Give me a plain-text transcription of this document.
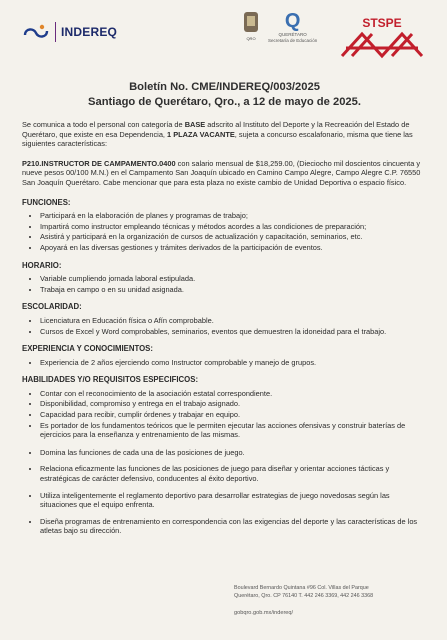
INDEREQ	QRO
Q
QUERÉTARO
Secretaría de Educación
STSPE
Boletín No. CME/INDEREQ/003/2025
Santiago de Querétaro, Qro., a 12 de mayo de 2025.

Se comunica a todo el personal con categoría de BASE adscrito al Instituto del Deporte y la Recreación del Estado de Querétaro, que existe en esa Dependencia, 1 PLAZA VACANTE, sujeta a concurso escalafonario, misma que tiene las siguientes características:

P210.INSTRUCTOR DE CAMPAMENTO.0400 con salario mensual de $18,259.00, (Dieciocho mil doscientos cincuenta y nueve pesos 00/100 M.N.) en el Campamento San Joaquín ubicado en Camino Campo Alegre, Campo Alegre C.P. 76550 San Joaquín Querétaro. Cabe mencionar que para esta plaza no existe cambio de Unidad Deportiva o espacio físico.

FUNCIONES:
• Participará en la elaboración de planes y programas de trabajo;
• Impartirá como instructor empleando técnicas y métodos acordes a las condiciones de preparación;
• Asistirá y participará en la organización de cursos de actualización y capacitación, seminarios, etc.
• Apoyará en las diversas gestiones y trámites derivados de la participación de eventos.
HORARIO:
• Variable cumpliendo jornada laboral estipulada.
• Trabaja en campo o en su unidad asignada.
ESCOLARIDAD:
• Licenciatura en Educación física o Afín comprobable.
• Cursos de Excel y Word comprobables, seminarios, eventos que demuestren la idoneidad para el trabajo.
EXPERIENCIA Y CONOCIMIENTOS:
• Experiencia de 2 años ejerciendo como Instructor comprobable y manejo de grupos.
HABILIDADES Y/O REQUISITOS ESPECIFICOS:
• Contar con el reconocimiento de la asociación estatal correspondiente.
• Disponibilidad, compromiso y entrega en el trabajo asignado.
• Capacidad para recibir, cumplir órdenes y trabajar en equipo.
• Es portador de los fundamentos teóricos que le permiten ejecutar las acciones ofensivas y construir baterías de ejercicios para la enseñanza y entrenamiento de las mismas.
• Domina las funciones de cada una de las posiciones de juego.
• Relaciona eficazmente las funciones de las posiciones de juego para diseñar y orientar acciones tácticas y estratégicas de carácter defensivo, conducentes al éxito deportivo.
• Utiliza inteligentemente el reglamento deportivo para desarrollar estrategias de juego novedosas según las situaciones que el equipo enfrenta.
• Diseña programas de entrenamiento en correspondencia con las exigencias del deporte y las características de los atletas bajo su dirección.
Boulevard Bernardo Quintana #96 Col. Villas del Parque
Querétaro, Qro. CP 76140 T. 442 246 3369, 442 246 3368
gobqro.gob.mx/indereq/
